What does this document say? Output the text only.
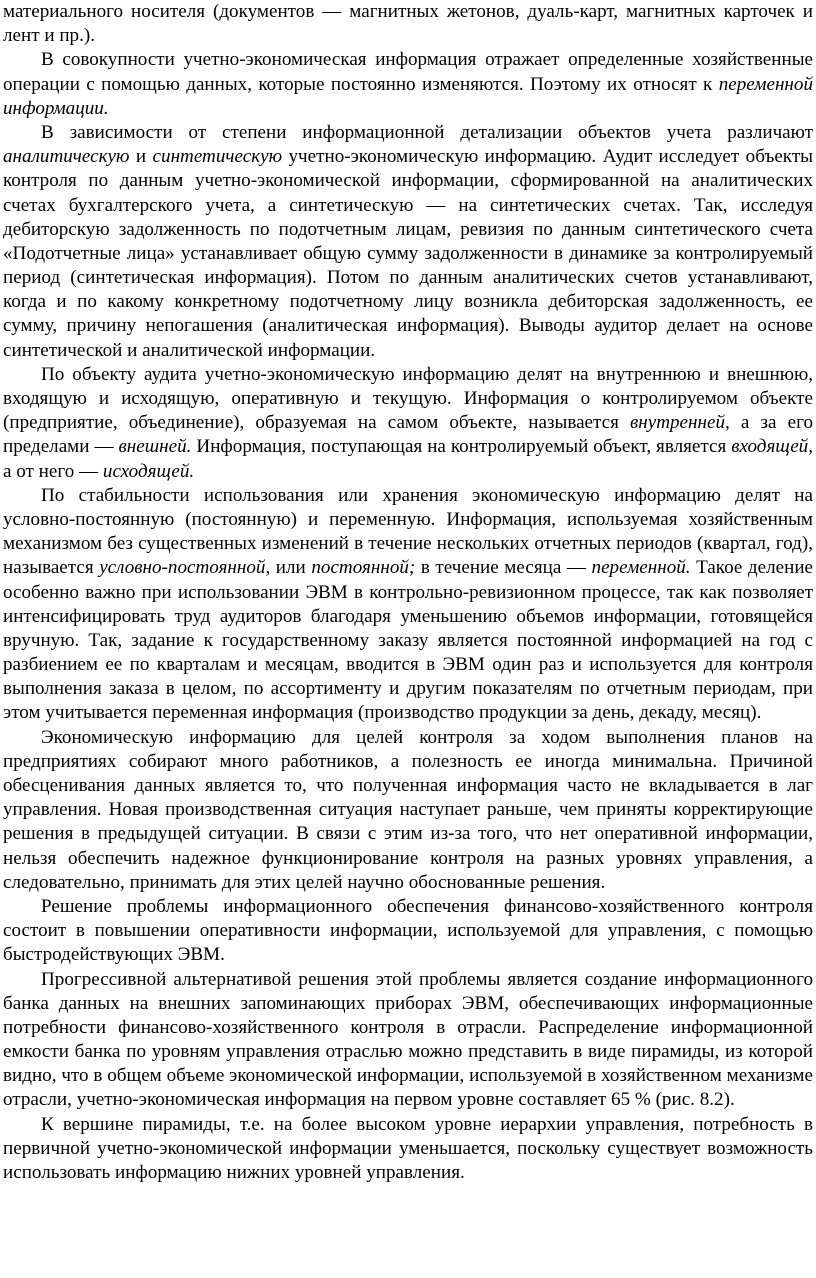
материального носителя (документов — магнитных жетонов, дуаль-карт, магнитных карточек и лент и пр.).

В совокупности учетно-экономическая информация отражает определенные хозяйственные операции с помощью данных, которые постоянно изменяются. Поэтому их относят к переменной информации.

В зависимости от степени информационной детализации объектов учета различают аналитическую и синтетическую учетно-экономическую информацию. Аудит исследует объекты контроля по данным учетно-экономической информации, сформированной на аналитических счетах бухгалтерского учета, а синтетическую — на синтетических счетах. Так, исследуя дебиторскую задолженность по подотчетным лицам, ревизия по данным синтетического счета «Подотчетные лица» устанавливает общую сумму задолженности в динамике за контролируемый период (синтетическая информация). Потом по данным аналитических счетов устанавливают, когда и по какому конкретному подотчетному лицу возникла дебиторская задолженность, ее сумму, причину непогашения (аналитическая информация). Выводы аудитор делает на основе синтетической и аналитической информации.

По объекту аудита учетно-экономическую информацию делят на внутреннюю и внешнюю, входящую и исходящую, оперативную и текущую. Информация о контролируемом объекте (предприятие, объединение), образуемая на самом объекте, называется внутренней, а за его пределами — внешней. Информация, поступающая на контролируемый объект, является входящей, а от него — исходящей.

По стабильности использования или хранения экономическую информацию делят на условно-постоянную (постоянную) и переменную. Информация, используемая хозяйственным механизмом без существенных изменений в течение нескольких отчетных периодов (квартал, год), называется условно-постоянной, или постоянной; в течение месяца — переменной. Такое деление особенно важно при использовании ЭВМ в контрольно-ревизионном процессе, так как позволяет интенсифицировать труд аудиторов благодаря уменьшению объемов информации, готовящейся вручную. Так, задание к государственному заказу является постоянной информацией на год с разбиением ее по кварталам и месяцам, вводится в ЭВМ один раз и используется для контроля выполнения заказа в целом, по ассортименту и другим показателям по отчетным периодам, при этом учитывается переменная информация (производство продукции за день, декаду, месяц).

Экономическую информацию для целей контроля за ходом выполнения планов на предприятиях собирают много работников, а полезность ее иногда минимальна. Причиной обесценивания данных является то, что полученная информация часто не вкладывается в лаг управления. Новая производственная ситуация наступает раньше, чем приняты корректирующие решения в предыдущей ситуации. В связи с этим из-за того, что нет оперативной информации, нельзя обеспечить надежное функционирование контроля на разных уровнях управления, а следовательно, принимать для этих целей научно обоснованные решения.

Решение проблемы информационного обеспечения финансово-хозяйственного контроля состоит в повышении оперативности информации, используемой для управления, с помощью быстродействующих ЭВМ.

Прогрессивной альтернативой решения этой проблемы является создание информационного банка данных на внешних запоминающих приборах ЭВМ, обеспечивающих информационные потребности финансово-хозяйственного контроля в отрасли. Распределение информационной емкости банка по уровням управления отраслью можно представить в виде пирамиды, из которой видно, что в общем объеме экономической информации, используемой в хозяйственном механизме отрасли, учетно-экономическая информация на первом уровне составляет 65 % (рис. 8.2).

К вершине пирамиды, т.е. на более высоком уровне иерархии управления, потребность в первичной учетно-экономической информации уменьшается, поскольку существует возможность использовать информацию нижних уровней управления.
